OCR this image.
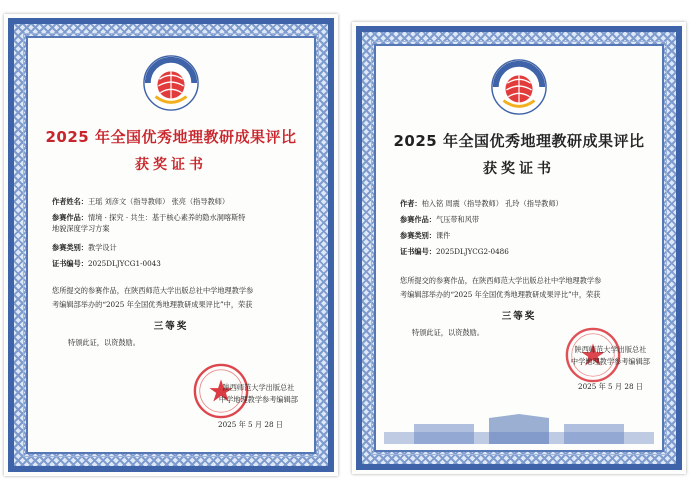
2025 年全国优秀地理教研成果评比
获奖证书
作者姓名：王瑶 刘彦文（指导教师） 张亮（指导教师）
参赛作品：情境 · 探究 · 共生：基于核心素养的隐水洞喀斯特
地貌深度学习方案
参赛类别：教学设计
证书编号：2025DLJYCG1-0043
您所提交的参赛作品，在陕西师范大学出版总社中学地理教学参
考编辑部举办的“2025 年全国优秀地理教研成果评比”中，荣获
三等奖
特颁此证，以资鼓励。
陕西师范大学出版总社
中学地理教学参考编辑部
2025 年 5 月 28 日
2025 年全国优秀地理教研成果评比
获奖证书
作者：柏入铭 周震（指导教师） 孔玲（指导教师）
参赛作品：气压带和风带
参赛类别：课件
证书编号：2025DLJYCG2-0486
您所提交的参赛作品，在陕西师范大学出版总社中学地理教学参
考编辑部举办的“2025 年全国优秀地理教研成果评比”中，荣获
三等奖
特颁此证，以资鼓励。
陕西师范大学出版总社
中学地理教学参考编辑部
2025 年 5 月 28 日
